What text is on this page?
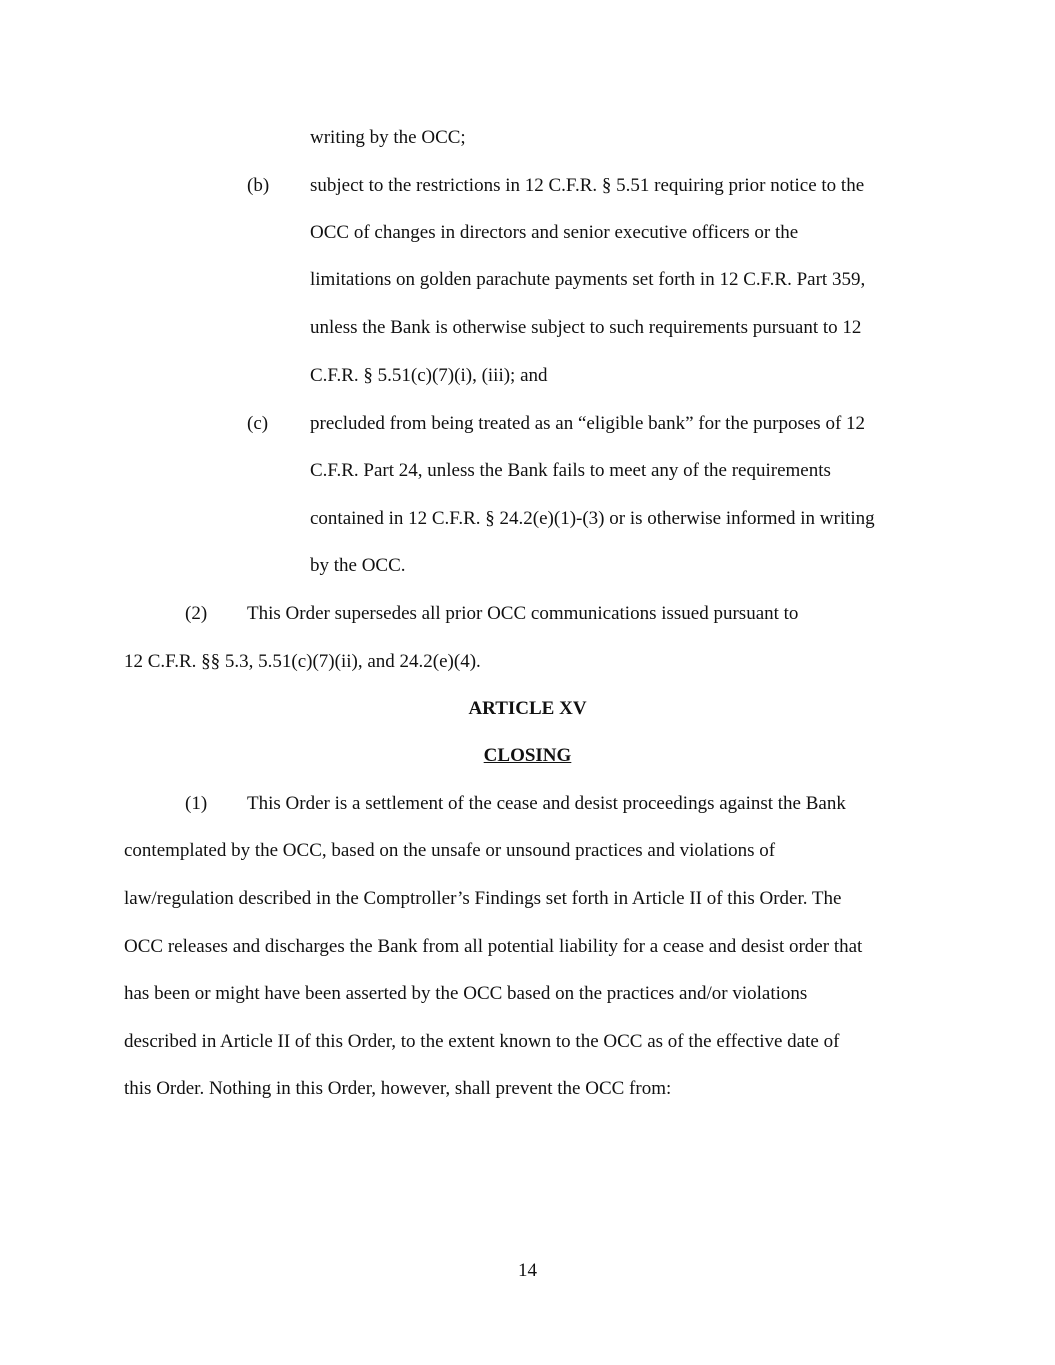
writing by the OCC;
(b) subject to the restrictions in 12 C.F.R. § 5.51 requiring prior notice to the
OCC of changes in directors and senior executive officers or the
limitations on golden parachute payments set forth in 12 C.F.R. Part 359,
unless the Bank is otherwise subject to such requirements pursuant to 12
C.F.R. § 5.51(c)(7)(i), (iii); and
(c) precluded from being treated as an “eligible bank” for the purposes of 12
C.F.R. Part 24, unless the Bank fails to meet any of the requirements
contained in 12 C.F.R. § 24.2(e)(1)-(3) or is otherwise informed in writing
by the OCC.
(2) This Order supersedes all prior OCC communications issued pursuant to
12 C.F.R. §§ 5.3, 5.51(c)(7)(ii), and 24.2(e)(4).
ARTICLE XV
CLOSING
(1) This Order is a settlement of the cease and desist proceedings against the Bank
contemplated by the OCC, based on the unsafe or unsound practices and violations of
law/regulation described in the Comptroller’s Findings set forth in Article II of this Order. The
OCC releases and discharges the Bank from all potential liability for a cease and desist order that
has been or might have been asserted by the OCC based on the practices and/or violations
described in Article II of this Order, to the extent known to the OCC as of the effective date of
this Order. Nothing in this Order, however, shall prevent the OCC from:
14
